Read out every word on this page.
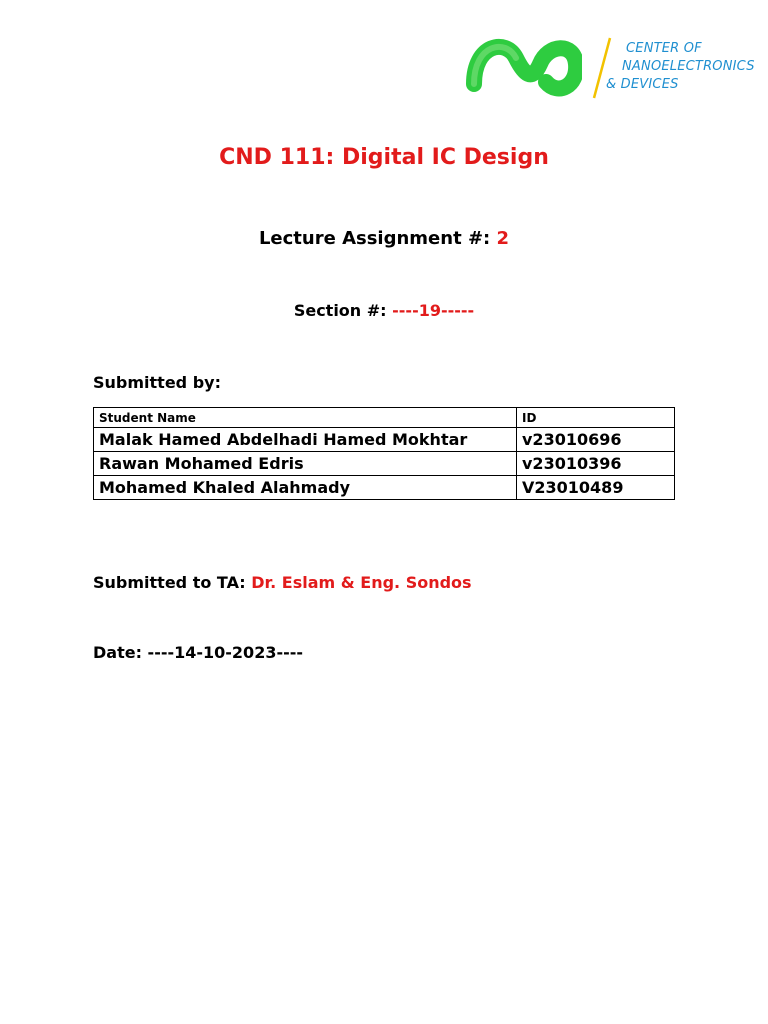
CENTER OF
NANOELECTRONICS
& DEVICES
CND 111: Digital IC Design
Lecture Assignment #: 2
Section #: ----19-----
Submitted by:
Student Name	ID
Malak Hamed Abdelhadi Hamed Mokhtar	v23010696
Rawan Mohamed Edris	v23010396
Mohamed Khaled Alahmady	V23010489
Submitted to TA: Dr. Eslam & Eng. Sondos
Date: ----14-10-2023----
